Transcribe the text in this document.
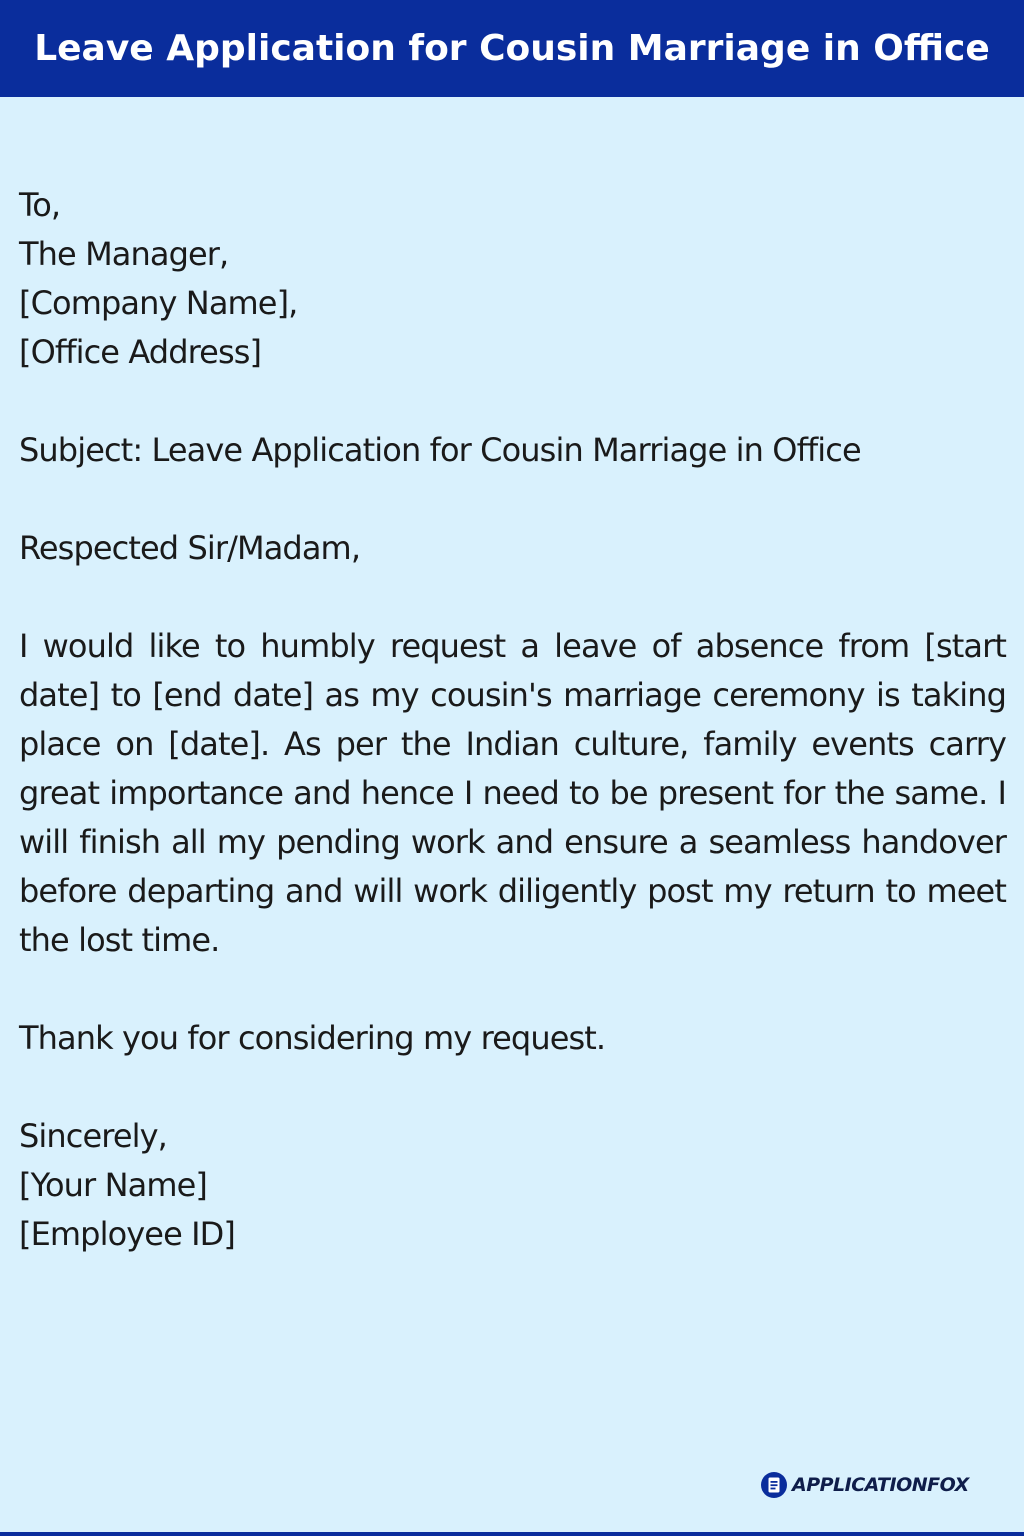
Leave Application for Cousin Marriage in Office
To,
The Manager,
[Company Name],
[Office Address]
Subject: Leave Application for Cousin Marriage in Office
Respected Sir/Madam,

I would like to humbly request a leave of absence from [start date] to [end date] as my cousin's marriage ceremony is taking place on [date]. As per the Indian culture, family events carry great importance and hence I need to be present for the same. I will finish all my pending work and ensure a seamless handover before departing and will work diligently post my return to meet the lost time.

Thank you for considering my request.
Sincerely,
[Your Name]
[Employee ID]
APPLICATIONFOX
